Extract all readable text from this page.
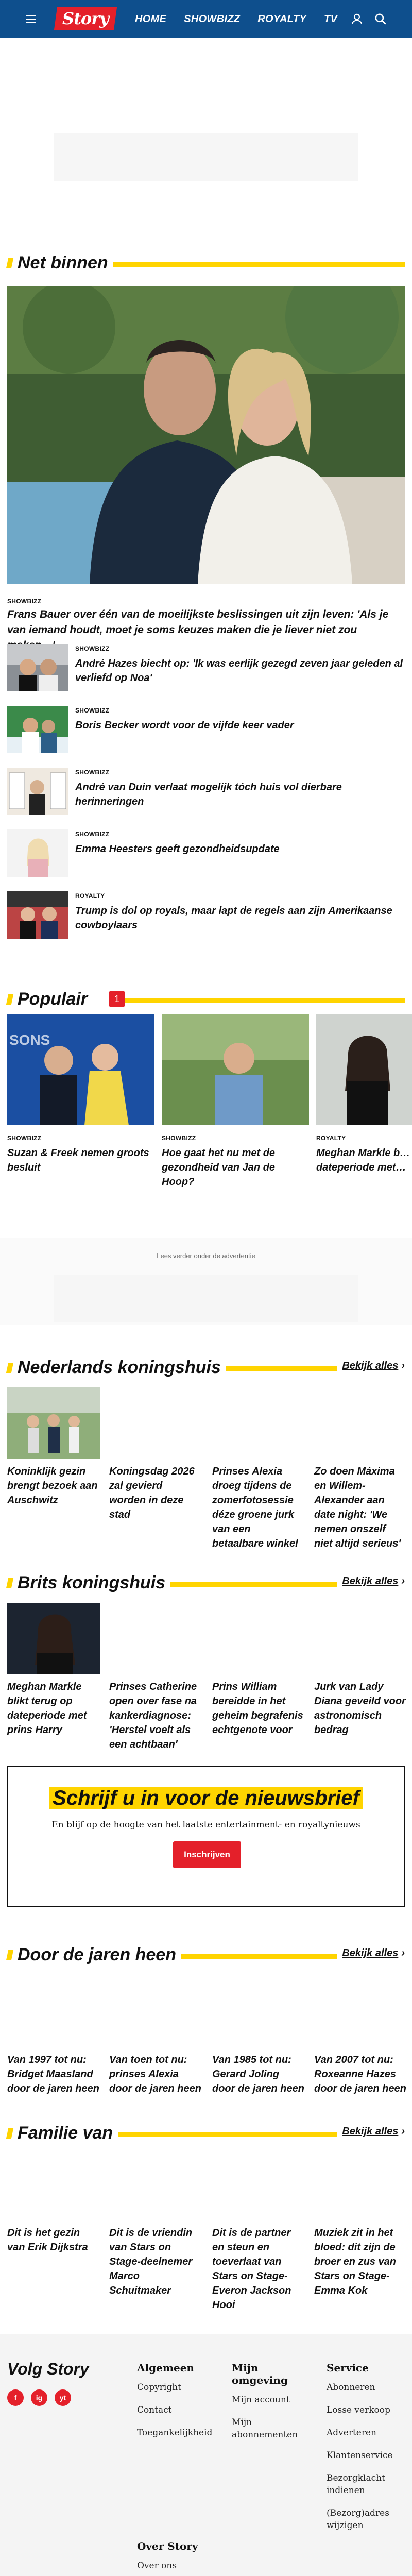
Story	HOME SHOWBIZZ ROYALTY TV
Net binnen
SHOWBIZZ
Frans Bauer over één van de moeilijkste beslissingen uit zijn leven: 'Als je van iemand houdt, moet je soms keuzes maken die je liever niet zou
SHOWBIZZ
André Hazes biecht op: 'Ik was eerlijk gezegd zeven jaar geleden al verliefd op Noa'
SHOWBIZZ
Boris Becker wordt voor de vijfde keer vader
SHOWBIZZ
André van Duin verlaat mogelijk tóch huis vol dierbare herinneringen
SHOWBIZZ
Emma Heesters geeft gezondheidsupdate
ROYALTY
Trump is dol op royals, maar lapt de regels aan zijn Amerikaanse cowboylaars
Populair	1
SONS
SHOWBIZZ
Suzan & Freek nemen groots besluit
SHOWBIZZ
Hoe gaat het nu met de gezondheid van Jan de Hoop?
ROYALTY
Meghan Markle b… dateperiode met…
Lees verder onder de advertentie
Nederlands koningshuis	Bekijk alles ›
Koninklijk gezin brengt bezoek aan Auschwitz
Koningsdag 2026 zal gevierd worden in deze stad
Prinses Alexia droeg tijdens de zomerfotosessie déze groene jurk van een betaalbare winkel
Zo doen Máxima en Willem-Alexander aan date night: 'We nemen onszelf niet altijd serieus'
Brits koningshuis	Bekijk alles ›
Meghan Markle blikt terug op dateperiode met prins Harry
Prinses Catherine open over fase na kankerdiagnose: 'Herstel voelt als een achtbaan'
Prins William bereidde in het geheim begrafenis echtgenote voor
Jurk van Lady Diana geveild voor astronomisch bedrag
Schrijf u in voor de nieuwsbrief
En blijf op de hoogte van het laatste entertainment- en royaltynieuws
Inschrijven
Door de jaren heen	Bekijk alles ›
Van 1997 tot nu: Bridget Maasland door de jaren heen
Van toen tot nu: prinses Alexia door de jaren heen
Van 1985 tot nu: Gerard Joling door de jaren heen
Van 2007 tot nu: Roxeanne Hazes door de jaren heen
Familie van	Bekijk alles ›
Dit is het gezin van Erik Dijkstra
Dit is de vriendin van Stars on Stage-deelnemer Marco Schuitmaker
Dit is de partner en steun en toeverlaat van Stars on Stage-Everon Jackson Hooi
Muziek zit in het bloed: dit zijn de broer en zus van Stars on Stage-Emma Kok
Volg Story
f	ig yt
Algemeen
Copyright
Contact
Toegankelijkheid
Mijn omgeving
Mijn account
Mijn abonnementen
Service
Abonneren
Losse verkoop
Adverteren
Klantenservice
Bezorgklacht indienen
(Bezorg)adres wijzigen
Over Story
Over ons
